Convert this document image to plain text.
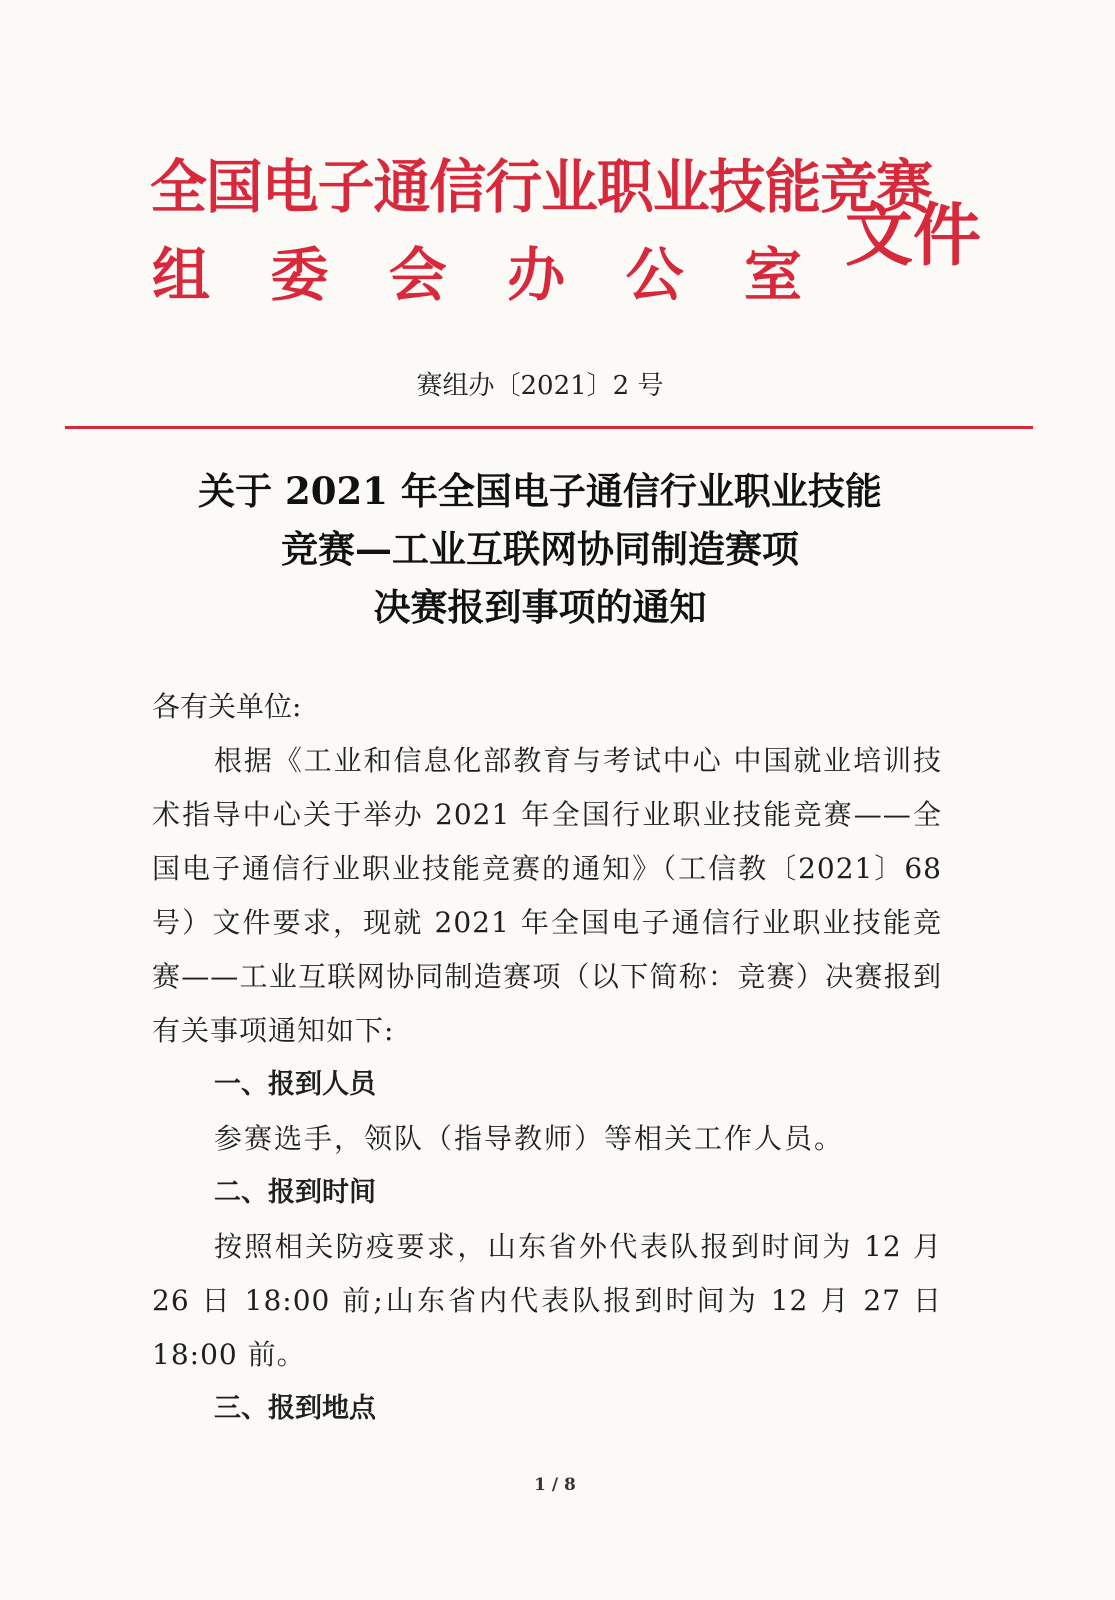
全国电子通信行业职业技能竞赛
组 委 会 办 公 室 文件
赛组办〔2021〕2 号
关于 2021 年全国电子通信行业职业技能
竞赛—工业互联网协同制造赛项
决赛报到事项的通知

各有关单位:

根据《工业和信息化部教育与考试中心 中国就业培训技术指导中心关于举办 2021 年全国行业职业技能竞赛——全国电子通信行业职业技能竞赛的通知》（工信教〔2021〕68 号）文件要求，现就 2021 年全国电子通信行业职业技能竞赛——工业互联网协同制造赛项（以下简称：竞赛）决赛报到有关事项通知如下:

一、报到人员

参赛选手，领队（指导教师）等相关工作人员。

二、报到时间

按照相关防疫要求，山东省外代表队报到时间为 12 月 26 日 18:00 前;山东省内代表队报到时间为 12 月 27 日 18:00 前。

三、报到地点

1 / 8
